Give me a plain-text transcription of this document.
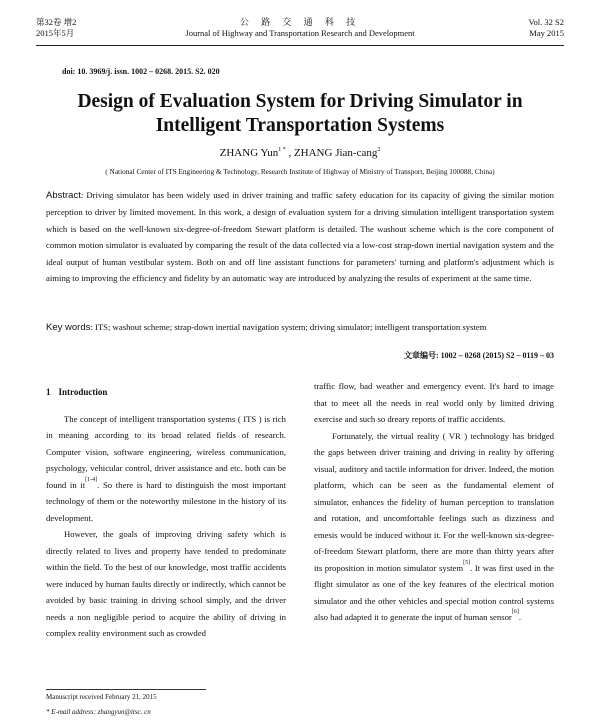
第32卷 增2
2015年5月
公 路 交 通 科 技
Journal of Highway and Transportation Research and Development
Vol. 32 S2
May 2015
doi: 10. 3969/j. issn. 1002 – 0268. 2015. S2. 020
Design of Evaluation System for Driving Simulator in
Intelligent Transportation Systems
ZHANG Yun$^{1 *}$ , ZHANG Jian-cang$^2$
( National Center of ITS Engineering & Technology, Research Institute of Highway of Ministry of Transport, Beijing 100088, China)

Abstract: Driving simulator has been widely used in driver training and traffic safety education for its capacity of giving the similar motion perception to driver by limited movement. In this work, a design of evaluation system for a driving simulation intelligent transportation system which is based on the well-known six-degree-of-freedom Stewart platform is detailed. The washout scheme which is the core component of common motion simulator is evaluated by comparing the result of the data collected via a low-cost strap-down inertial navigation system and the ideal output of human vestibular system. Both on and off line assistant functions for parameters' turning and platform's adjustment which is aiming to improving the efficiency and fidelity by an automatic way are introduced by analyzing the results of experiment at the same time.

Key words: ITS; washout scheme; strap-down inertial navigation system; driving simulator; intelligent transportation system

文章编号: 1002 – 0268 (2015) S2 – 0119 – 03
1 Introduction

The concept of intelligent transportation systems ( ITS ) is rich in meaning according to its broad related fields of research. Computer vision, software engineering, wireless communication, psychology, vehicular control, driver assistance and etc. both can be found in it[1-4]. So there is hard to distinguish the most important technology of them or the noteworthy milestone in the history of its development.

However, the goals of improving driving safety which is directly related to lives and property have tended to predominate within the field. To the best of our knowledge, most traffic accidents were induced by human faults directly or indirectly, which cannot be avoided by basic training in driving school simply, and the driver needs a non negligible period to acquire the ability of driving in complex reality environment such as crowded

traffic flow, bad weather and emergency event. It's hard to image that to meet all the needs in real world only by limited driving exercise and such so dreary reports of traffic accidents.

Fortunately, the virtual reality ( VR ) technology has bridged the gaps between driver training and driving in reality by offering visual, auditory and tactile information for driver. Indeed, the motion platform, which can be seen as the fundamental element of simulator, enhances the fidelity of human perception to translation and rotation, and uncomfortable feelings such as dizziness and emesis would be induced without it. For the well-known six-degree-of-freedom Stewart platform, there are more than thirty years after its proposition in motion simulator system[5]. It was first used in the flight simulator as one of the key features of the electrical motion simulator and the other vehicles and special motion control systems also had adapted it to generate the input of human sensor[6].

Manuscript received February 21, 2015
* E-mail address: zhangyun@itsc. cn
